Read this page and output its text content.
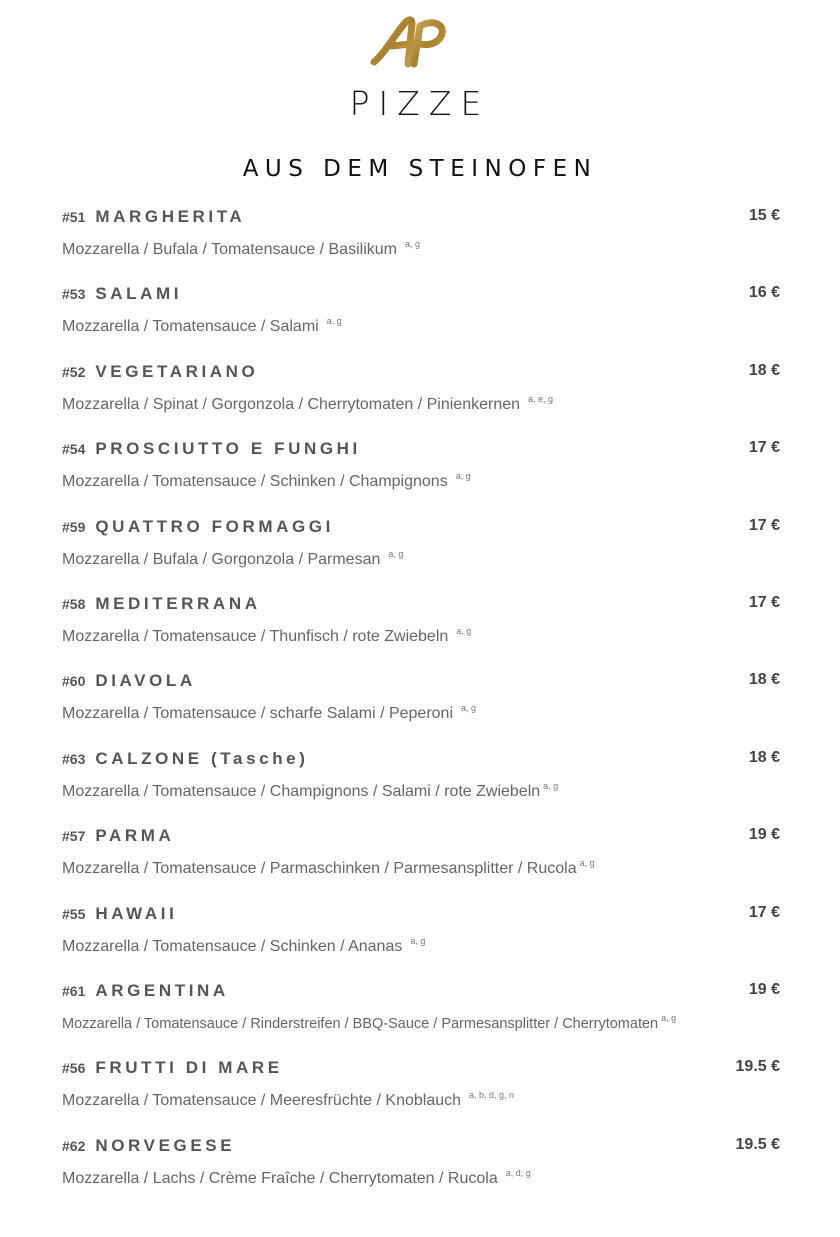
PIZZE
AUS DEM STEINOFEN
#51 MARGHERITA	15 €
Mozzarella / Bufala / Tomatensauce / Basilikum $^{a, g}$
#53 SALAMI	16 €
Mozzarella / Tomatensauce / Salami $^{a, g}$
#52 VEGETARIANO	18 €
Mozzarella / Spinat / Gorgonzola / Cherrytomaten / Pinienkernen $^{a, e, g}$
#54 PROSCIUTTO E FUNGHI	17 €
Mozzarella / Tomatensauce / Schinken / Champignons $^{a, g}$
#59 QUATTRO FORMAGGI	17 €
Mozzarella / Bufala / Gorgonzola / Parmesan $^{a, g}$
#58 MEDITERRANA	17 €
Mozzarella / Tomatensauce / Thunfisch / rote Zwiebeln $^{a, g}$
#60 DIAVOLA	18 €
Mozzarella / Tomatensauce / scharfe Salami / Peperoni $^{a, g}$
#63 CALZONE (Tasche)	18 €
Mozzarella / Tomatensauce / Champignons / Salami / rote Zwiebeln $^{a, g}$
#57 PARMA	19 €
Mozzarella / Tomatensauce / Parmaschinken / Parmesansplitter / Rucola $^{a, g}$
#55 HAWAII	17 €
Mozzarella / Tomatensauce / Schinken / Ananas $^{a, g}$
#61 ARGENTINA	19 €
Mozzarella / Tomatensauce / Rinderstreifen / BBQ-Sauce / Parmesansplitter / Cherrytomaten $^{a, g}$
#56 FRUTTI DI MARE	19.5 €
Mozzarella / Tomatensauce / Meeresfrüchte / Knoblauch $^{a, b, d, g, n}$
#62 NORVEGESE	19.5 €
Mozzarella / Lachs / Crème Fraîche / Cherrytomaten / Rucola $^{a, d, g}$
